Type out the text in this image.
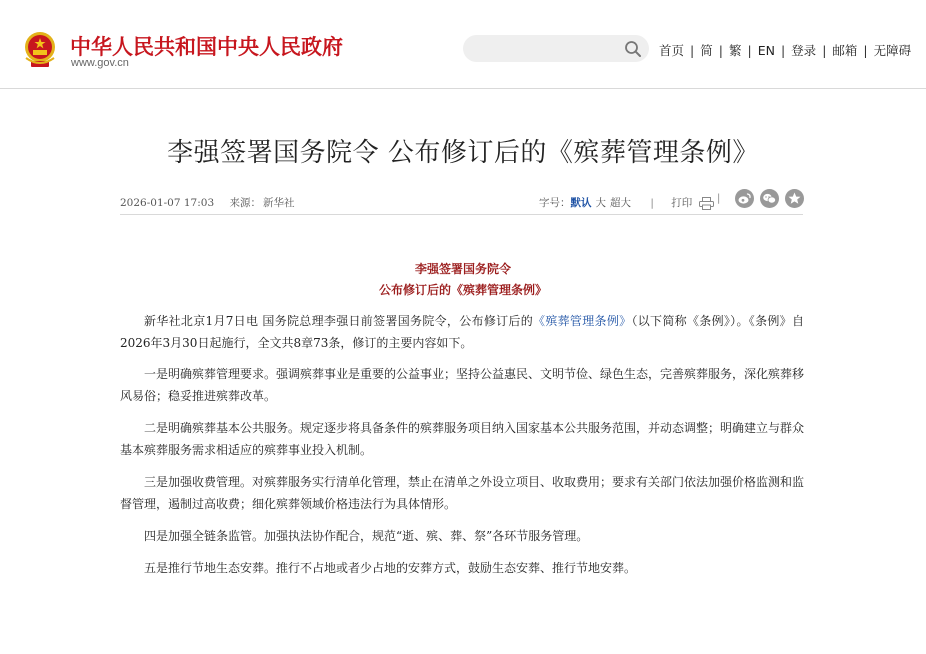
中华人民共和国中央人民政府
www.gov.cn
首页 | 简 | 繁 | EN | 登录 | 邮箱 | 无障碍
李强签署国务院令 公布修订后的《殡葬管理条例》
2026-01-07 17:03 来源： 新华社	字号：默认 大 超大 | 打印	|
李强签署国务院令
公布修订后的《殡葬管理条例》

新华社北京1月7日电 国务院总理李强日前签署国务院令，公布修订后的《殡葬管理条例》（以下简称《条例》）。《条例》自2026年3月30日起施行，全文共8章73条，修订的主要内容如下。

一是明确殡葬管理要求。强调殡葬事业是重要的公益事业；坚持公益惠民、文明节俭、绿色生态，完善殡葬服务，深化殡葬移风易俗；稳妥推进殡葬改革。

二是明确殡葬基本公共服务。规定逐步将具备条件的殡葬服务项目纳入国家基本公共服务范围，并动态调整；明确建立与群众基本殡葬服务需求相适应的殡葬事业投入机制。

三是加强收费管理。对殡葬服务实行清单化管理，禁止在清单之外设立项目、收取费用；要求有关部门依法加强价格监测和监督管理，遏制过高收费；细化殡葬领域价格违法行为具体情形。

四是加强全链条监管。加强执法协作配合，规范“逝、殡、葬、祭”各环节服务管理。

五是推行节地生态安葬。推行不占地或者少占地的安葬方式，鼓励生态安葬、推行节地安葬。
